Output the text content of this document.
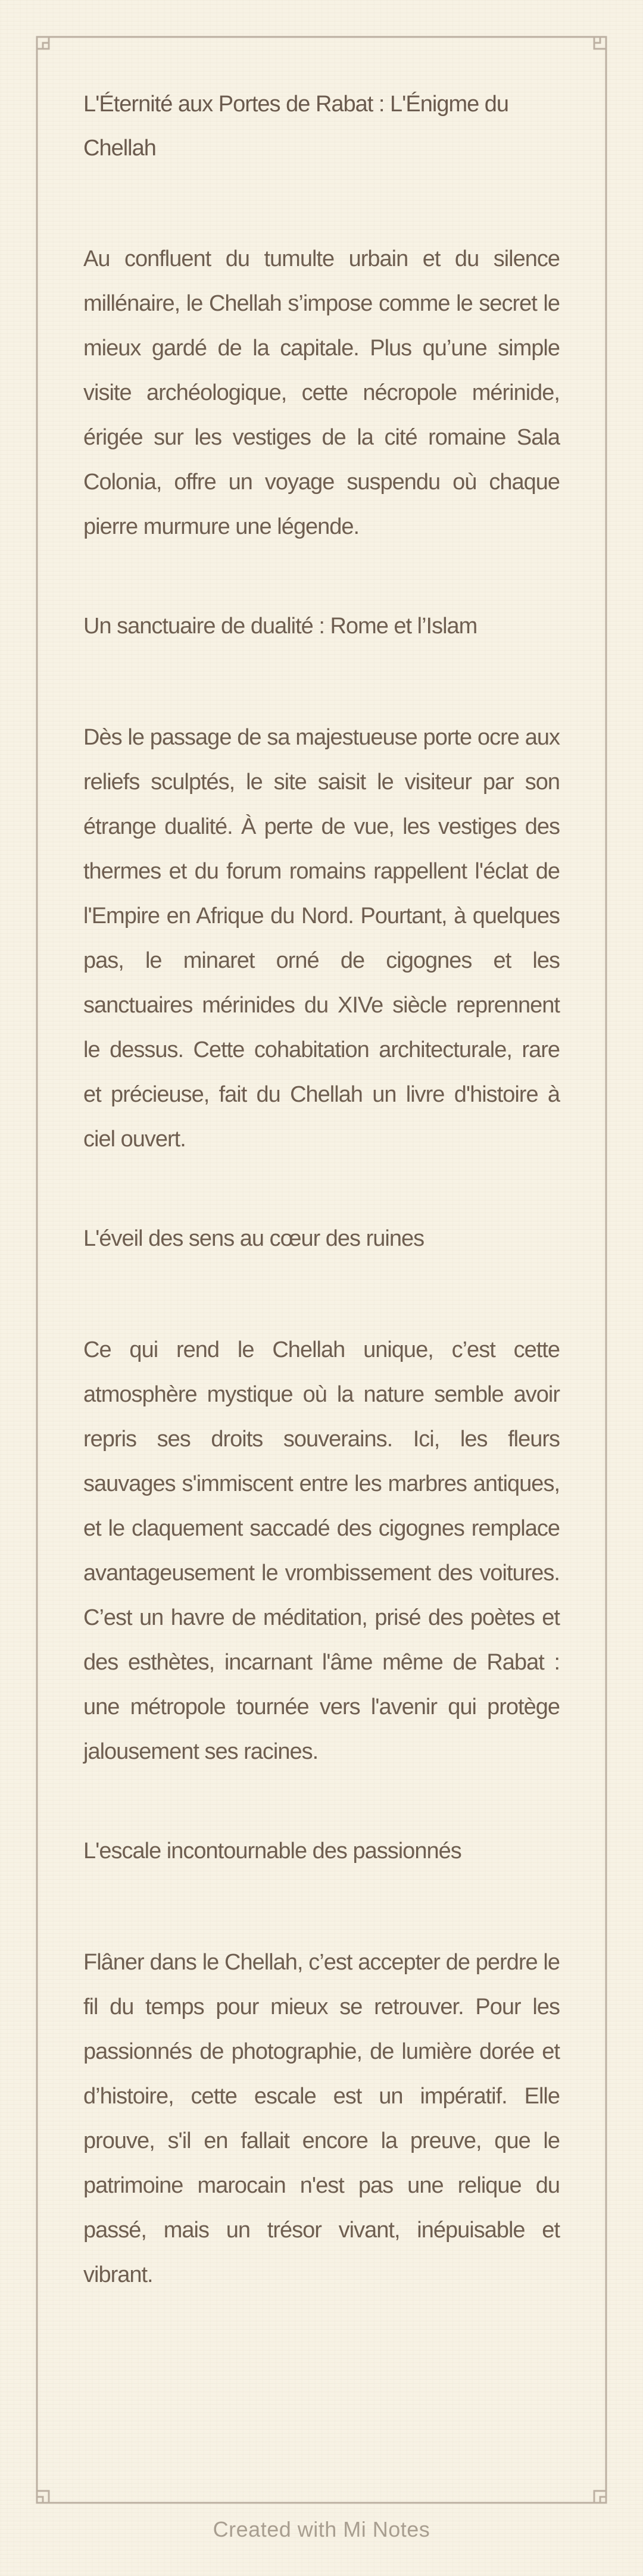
L'Éternité aux Portes de Rabat : L'Énigme du Chellah

Au confluent du tumulte urbain et du silence millénaire, le Chellah s’impose comme le secret le mieux gardé de la capitale. Plus qu’une simple visite archéologique, cette nécropole mérinide, érigée sur les vestiges de la cité romaine Sala Colonia, offre un voyage suspendu où chaque pierre murmure une légende.

Un sanctuaire de dualité : Rome et l’Islam

Dès le passage de sa majestueuse porte ocre aux reliefs sculptés, le site saisit le visiteur par son étrange dualité. À perte de vue, les vestiges des thermes et du forum romains rappellent l'éclat de l'Empire en Afrique du Nord. Pourtant, à quelques pas, le minaret orné de cigognes et les sanctuaires mérinides du XIVe siècle reprennent le dessus. Cette cohabitation architecturale, rare et précieuse, fait du Chellah un livre d'histoire à ciel ouvert.

L'éveil des sens au cœur des ruines

Ce qui rend le Chellah unique, c’est cette atmosphère mystique où la nature semble avoir repris ses droits souverains. Ici, les fleurs sauvages s'immiscent entre les marbres antiques, et le claquement saccadé des cigognes remplace avantageusement le vrombissement des voitures. C’est un havre de méditation, prisé des poètes et des esthètes, incarnant l'âme même de Rabat : une métropole tournée vers l'avenir qui protège jalousement ses racines.

L'escale incontournable des passionnés

Flâner dans le Chellah, c’est accepter de perdre le fil du temps pour mieux se retrouver. Pour les passionnés de photographie, de lumière dorée et d’histoire, cette escale est un impératif. Elle prouve, s'il en fallait encore la preuve, que le patrimoine marocain n'est pas une relique du passé, mais un trésor vivant, inépuisable et vibrant.

Created with Mi Notes
